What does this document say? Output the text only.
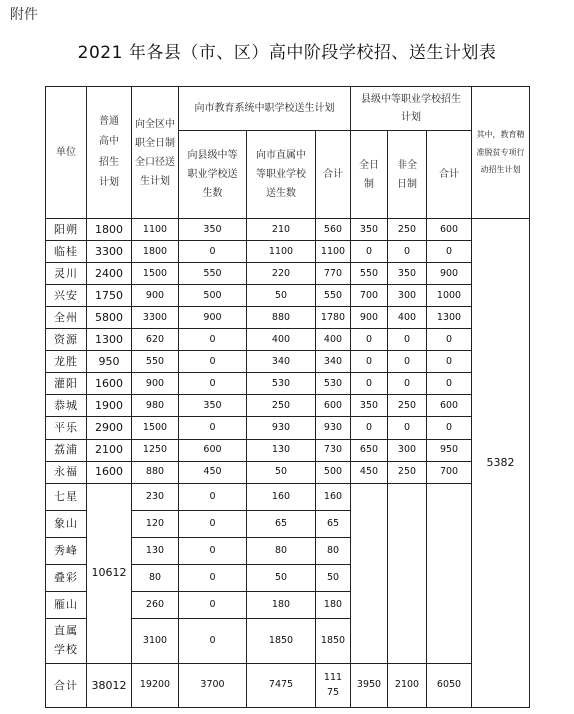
附件
2021 年各县（市、区）高中阶段学校招、送生计划表
单位	普通高中招生计划	向全区中职全日制全口径送生计划	向市教育系统中职学校送生计划			县级中等职业学校招生计划			其中，教育精准脱贫专项行动招生计划

			向县级中等职业学校送生数	向市直属中等职业学校送生数	合计	全日制	非全日制	合计	
阳朔	1800	1100	350	210	560	350	250	600	5382
临桂	3300	1800	0	1100	1100	0	0	0	
灵川	2400	1500	550	220	770	550	350	900	
兴安	1750	900	500	50	550	700	300	1000	
全州	5800	3300	900	880	1780	900	400	1300	
资源	1300	620	0	400	400	0	0	0	
龙胜	950	550	0	340	340	0	0	0	
灌阳	1600	900	0	530	530	0	0	0	
恭城	1900	980	350	250	600	350	250	600	
平乐	2900	1500	0	930	930	0	0	0	
荔浦	2100	1250	600	130	730	650	300	950	
永福	1600	880	450	50	500	450	250	700	
七星	10612	230	0	160	160				
象山		120	0	65	65				
秀峰		130	0	80	80				
叠彩		80	0	50	50				
雁山		260	0	180	180				

直属学校		3100	0	1850	1850				
合计	38012	19200	3700	7475	11175	3950	2100	6050	
